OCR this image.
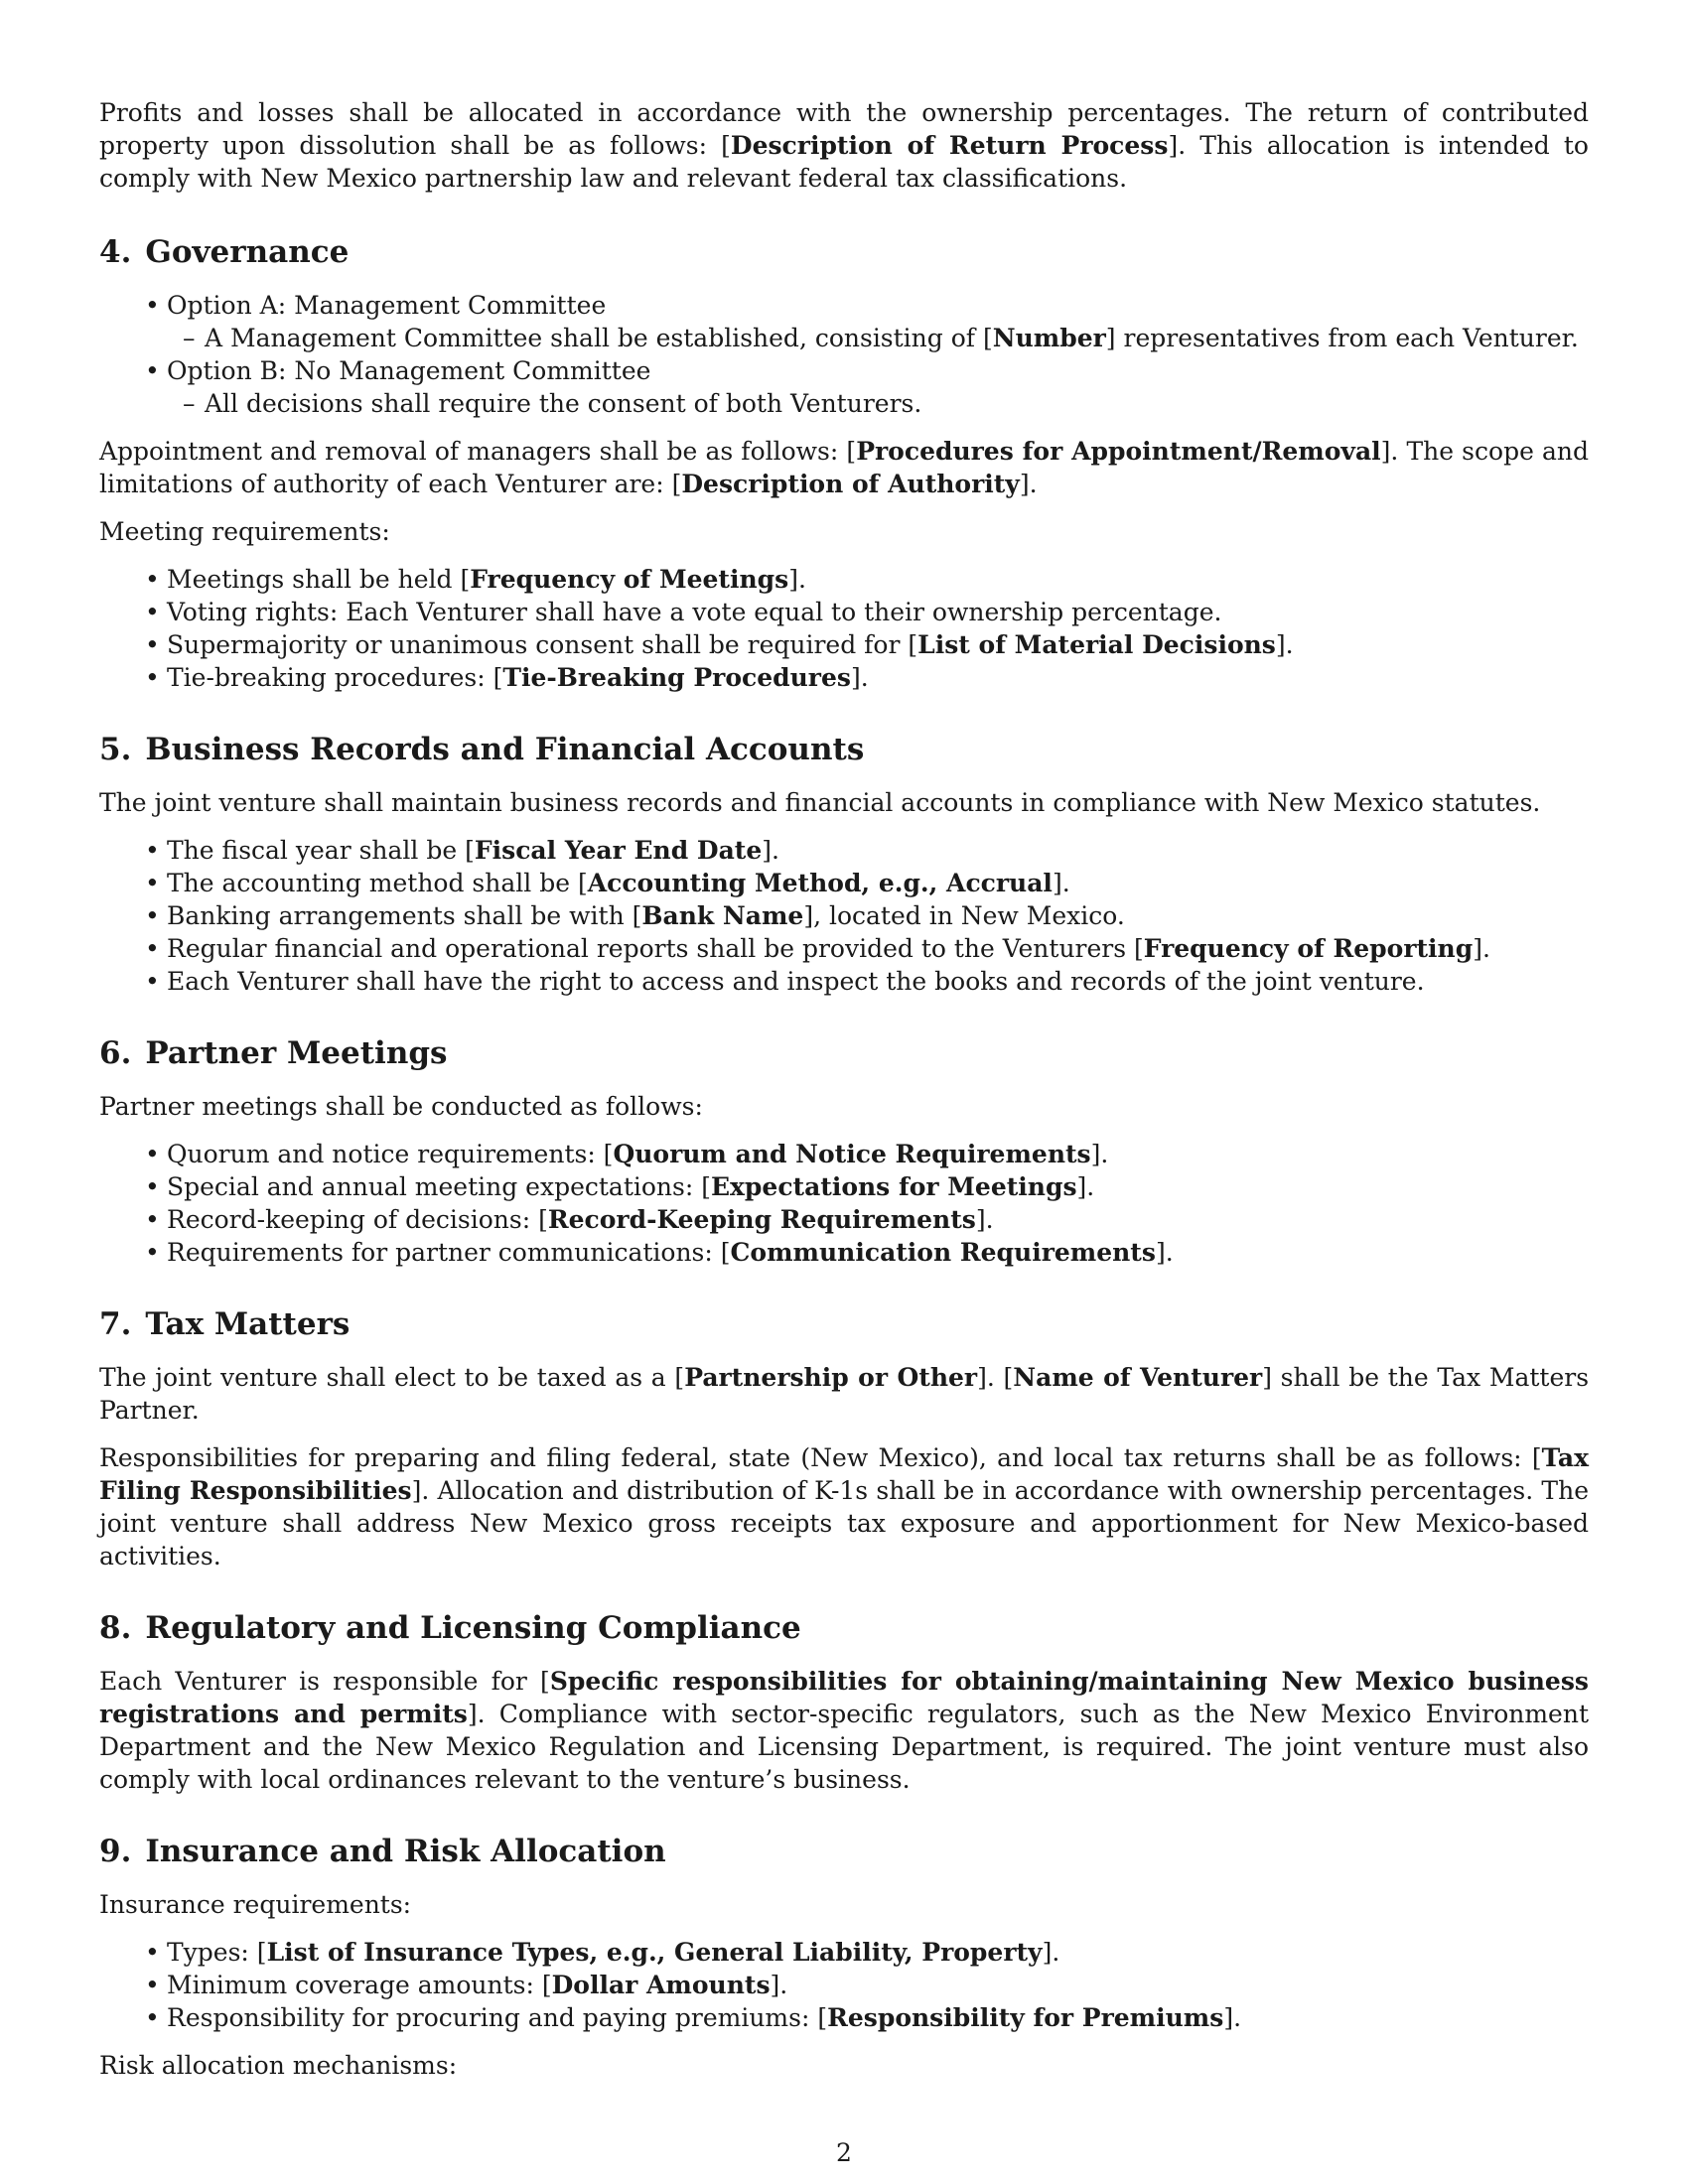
Profits and losses shall be allocated in accordance with the ownership percentages. The return of contributed property upon dissolution shall be as follows: [Description of Return Process]. This allocation is intended to comply with New Mexico partnership law and relevant federal tax classifications.

4. Governance
• Option A: Management Committee
– A Management Committee shall be established, consisting of [Number] representatives from each Venturer.
• Option B: No Management Committee
– All decisions shall require the consent of both Venturers.

Appointment and removal of managers shall be as follows: [Procedures for Appointment/Removal]. The scope and limitations of authority of each Venturer are: [Description of Authority].

Meeting requirements:

• Meetings shall be held [Frequency of Meetings].
• Voting rights: Each Venturer shall have a vote equal to their ownership percentage.
• Supermajority or unanimous consent shall be required for [List of Material Decisions].
• Tie-breaking procedures: [Tie-Breaking Procedures].
5. Business Records and Financial Accounts

The joint venture shall maintain business records and financial accounts in compliance with New Mexico statutes.

• The fiscal year shall be [Fiscal Year End Date].
• The accounting method shall be [Accounting Method, e.g., Accrual].
• Banking arrangements shall be with [Bank Name], located in New Mexico.
• Regular financial and operational reports shall be provided to the Venturers [Frequency of Reporting].
• Each Venturer shall have the right to access and inspect the books and records of the joint venture.
6. Partner Meetings

Partner meetings shall be conducted as follows:

• Quorum and notice requirements: [Quorum and Notice Requirements].
• Special and annual meeting expectations: [Expectations for Meetings].
• Record-keeping of decisions: [Record-Keeping Requirements].
• Requirements for partner communications: [Communication Requirements].
7. Tax Matters

The joint venture shall elect to be taxed as a [Partnership or Other]. [Name of Venturer] shall be the Tax Matters Partner.

Responsibilities for preparing and filing federal, state (New Mexico), and local tax returns shall be as follows: [Tax Filing Responsibilities]. Allocation and distribution of K-1s shall be in accordance with ownership percentages. The joint venture shall address New Mexico gross receipts tax exposure and apportionment for New Mexico-based activities.

8. Regulatory and Licensing Compliance

Each Venturer is responsible for [Specific responsibilities for obtaining/maintaining New Mexico business registrations and permits]. Compliance with sector-specific regulators, such as the New Mexico Environment Department and the New Mexico Regulation and Licensing Department, is required. The joint venture must also comply with local ordinances relevant to the venture’s business.

9. Insurance and Risk Allocation

Insurance requirements:

• Types: [List of Insurance Types, e.g., General Liability, Property].
• Minimum coverage amounts: [Dollar Amounts].
• Responsibility for procuring and paying premiums: [Responsibility for Premiums].

Risk allocation mechanisms:

2
